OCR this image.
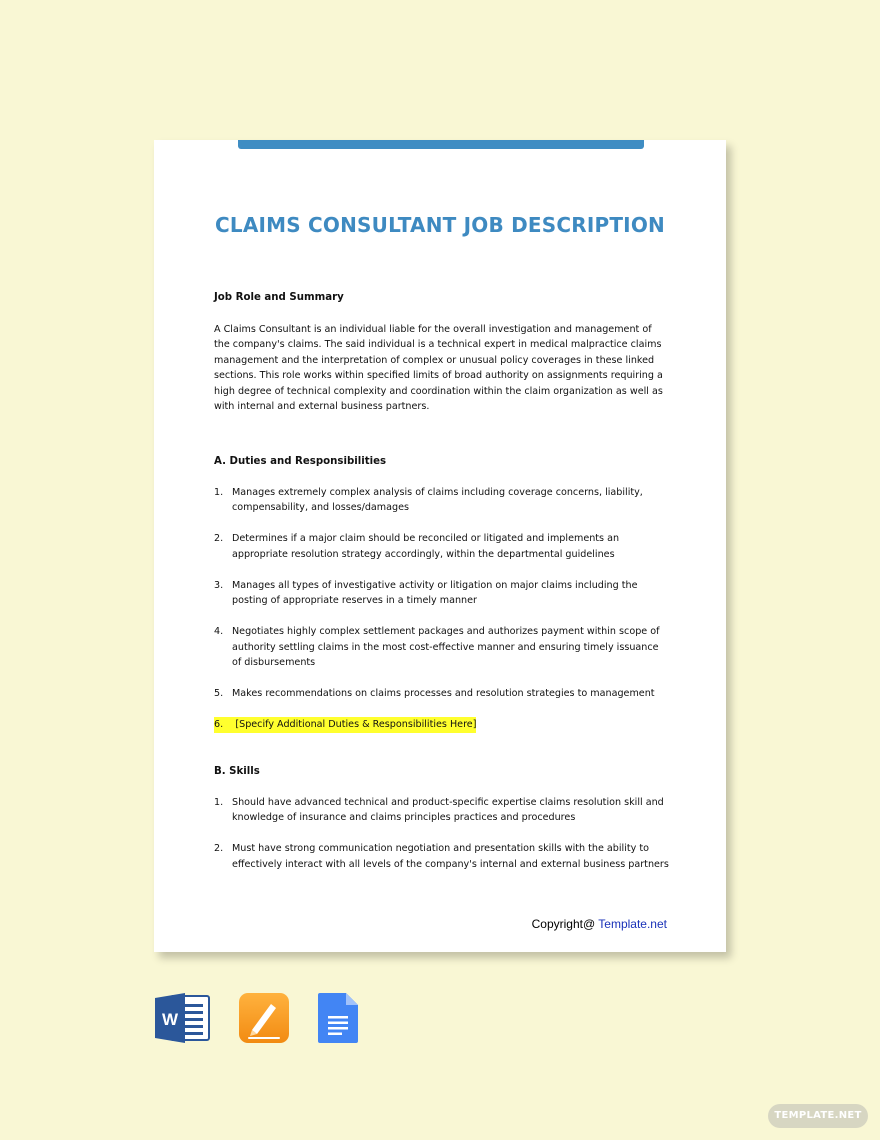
CLAIMS CONSULTANT JOB DESCRIPTION
Job Role and Summary
A Claims Consultant is an individual liable for the overall investigation and management of the company's claims. The said individual is a technical expert in medical malpractice claims management and the interpretation of complex or unusual policy coverages in these linked sections. This role works within specified limits of broad authority on assignments requiring a high degree of technical complexity and coordination within the claim organization as well as with internal and external business partners.
A. Duties and Responsibilities
1. Manages extremely complex analysis of claims including coverage concerns, liability, compensability, and losses/damages
2. Determines if a major claim should be reconciled or litigated and implements an appropriate resolution strategy accordingly, within the departmental guidelines
3. Manages all types of investigative activity or litigation on major claims including the posting of appropriate reserves in a timely manner
4. Negotiates highly complex settlement packages and authorizes payment within scope of authority settling claims in the most cost-effective manner and ensuring timely issuance of disbursements
5. Makes recommendations on claims processes and resolution strategies to management
6. [Specify Additional Duties & Responsibilities Here]
B. Skills
1. Should have advanced technical and product-specific expertise claims resolution skill and knowledge of insurance and claims principles practices and procedures
2. Must have strong communication negotiation and presentation skills with the ability to effectively interact with all levels of the company's internal and external business partners
Copyright@ Template.net
W
TEMPLATE.NET
